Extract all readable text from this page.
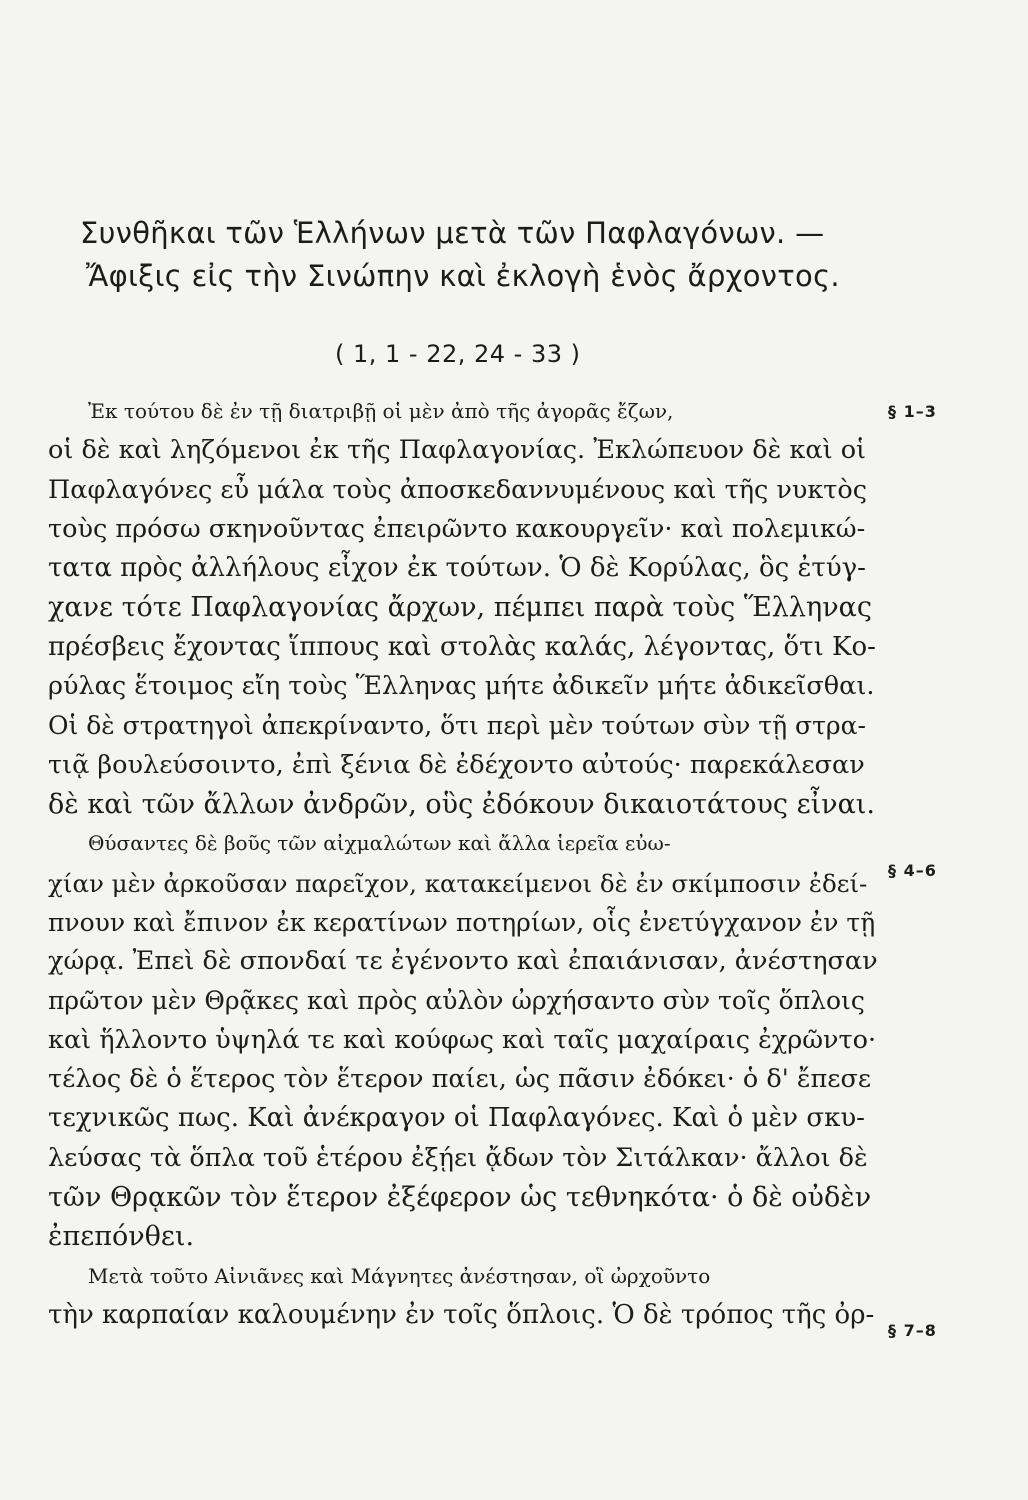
Συνθῆκαι τῶν Ἑλλήνων μετὰ τῶν Παφλαγόνων. —
Ἄφιξις εἰς τὴν Σινώπην καὶ ἐκλογὴ ἑνὸς ἄρχοντος.
( 1, 1 - 22, 24 - 33 )
§ 1–3
§ 4–6
§ 7–8

Ἐκ τούτου δὲ ἐν τῇ διατριβῇ οἱ μὲν ἀπὸ τῆς ἀγορᾶς ἔζων,
οἱ δὲ καὶ ληζόμενοι ἐκ τῆς Παφλαγονίας. Ἐκλώπευον δὲ καὶ οἱ
Παφλαγόνες εὖ μάλα τοὺς ἀποσκεδαννυμένους καὶ τῆς νυκτὸς
τοὺς πρόσω σκηνοῦντας ἐπειρῶντο κακουργεῖν· καὶ πολεμικώ-
τατα πρὸς ἀλλήλους εἶχον ἐκ τούτων. Ὁ δὲ Κορύλας, ὃς ἐτύγ-
χανε τότε Παφλαγονίας ἄρχων, πέμπει παρὰ τοὺς Ἕλληνας
πρέσβεις ἔχοντας ἵππους καὶ στολὰς καλάς, λέγοντας, ὅτι Κο-
ρύλας ἕτοιμος εἴη τοὺς Ἕλληνας μήτε ἀδικεῖν μήτε ἀδικεῖσθαι.
Οἱ δὲ στρατηγοὶ ἀπεκρίναντο, ὅτι περὶ μὲν τούτων σὺν τῇ στρα-
τιᾷ βουλεύσοιντο, ἐπὶ ξένια δὲ ἐδέχοντο αὐτούς· παρεκάλεσαν
δὲ καὶ τῶν ἄλλων ἀνδρῶν, οὓς ἐδόκουν δικαιοτάτους εἶναι.

Θύσαντες δὲ βοῦς τῶν αἰχμαλώτων καὶ ἄλλα ἱερεῖα εὐω-
χίαν μὲν ἀρκοῦσαν παρεῖχον, κατακείμενοι δὲ ἐν σκίμποσιν ἐδεί-
πνουν καὶ ἔπινον ἐκ κερατίνων ποτηρίων, οἷς ἐνετύγχανον ἐν τῇ
χώρᾳ. Ἐπεὶ δὲ σπονδαί τε ἐγένοντο καὶ ἐπαιάνισαν, ἀνέστησαν
πρῶτον μὲν Θρᾷκες καὶ πρὸς αὐλὸν ὠρχήσαντο σὺν τοῖς ὅπλοις
καὶ ἥλλοντο ὑψηλά τε καὶ κούφως καὶ ταῖς μαχαίραις ἐχρῶντο·
τέλος δὲ ὁ ἕτερος τὸν ἕτερον παίει, ὡς πᾶσιν ἐδόκει· ὁ δ' ἔπεσε
τεχνικῶς πως. Καὶ ἀνέκραγον οἱ Παφλαγόνες. Καὶ ὁ μὲν σκυ-
λεύσας τὰ ὅπλα τοῦ ἑτέρου ἐξῄει ᾄδων τὸν Σιτάλκαν· ἄλλοι δὲ
τῶν Θρᾳκῶν τὸν ἕτερον ἐξέφερον ὡς τεθνηκότα· ὁ δὲ οὐδὲν
ἐπεπόνθει.

Μετὰ τοῦτο Αἰνιᾶνες καὶ Μάγνητες ἀνέστησαν, οἳ ὠρχοῦντο
τὴν καρπαίαν καλουμένην ἐν τοῖς ὅπλοις. Ὁ δὲ τρόπος τῆς ὀρ-
